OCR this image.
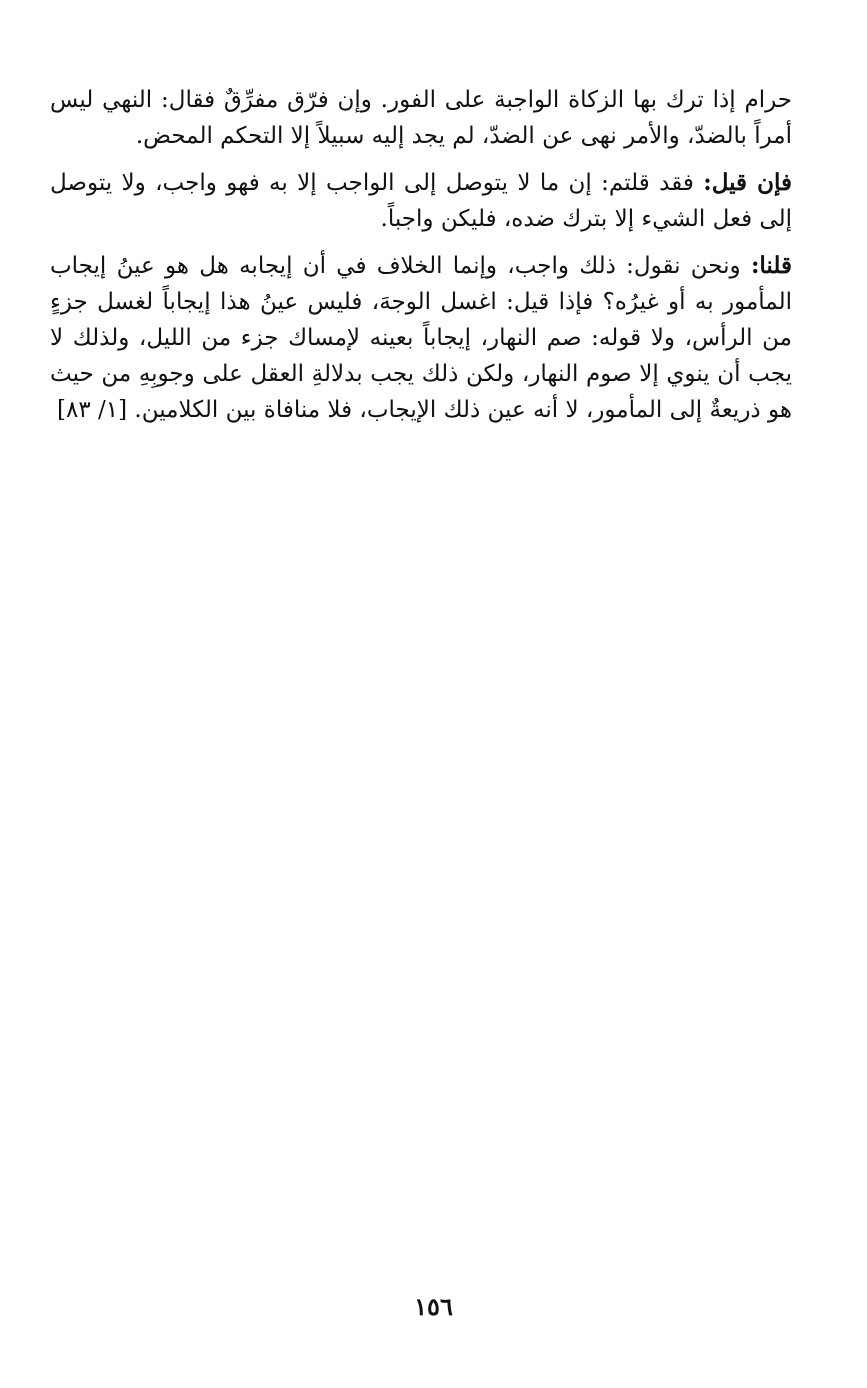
حرام إذا ترك بها الزكاة الواجبة على الفور. وإن فرّق مفرِّقٌ فقال: النهي ليس أمراً بالضدّ، والأمر نهى عن الضدّ، لم يجد إليه سبيلاً إلا التحكم المحض.

فإن قيل: فقد قلتم: إن ما لا يتوصل إلى الواجب إلا به فهو واجب، ولا يتوصل إلى فعل الشيء إلا بترك ضده، فليكن واجباً.

قلنا: ونحن نقول: ذلك واجب، وإنما الخلاف في أن إيجابه هل هو عينُ إيجاب المأمور به أو غيرُه؟ فإذا قيل: اغسل الوجهَ، فليس عينُ هذا إيجاباً لغسل جزءٍ من الرأس، ولا قوله: صم النهار، إيجاباً بعينه لإمساك جزء من الليل، ولذلك لا يجب أن ينوي إلا صوم النهار، ولكن ذلك يجب بدلالةِ العقل على وجوبِهِ من حيث هو ذريعةٌ إلى المأمور، لا أنه عين ذلك الإيجاب، فلا منافاة بين الكلامين. [١/ ٨٣]

١٥٦
